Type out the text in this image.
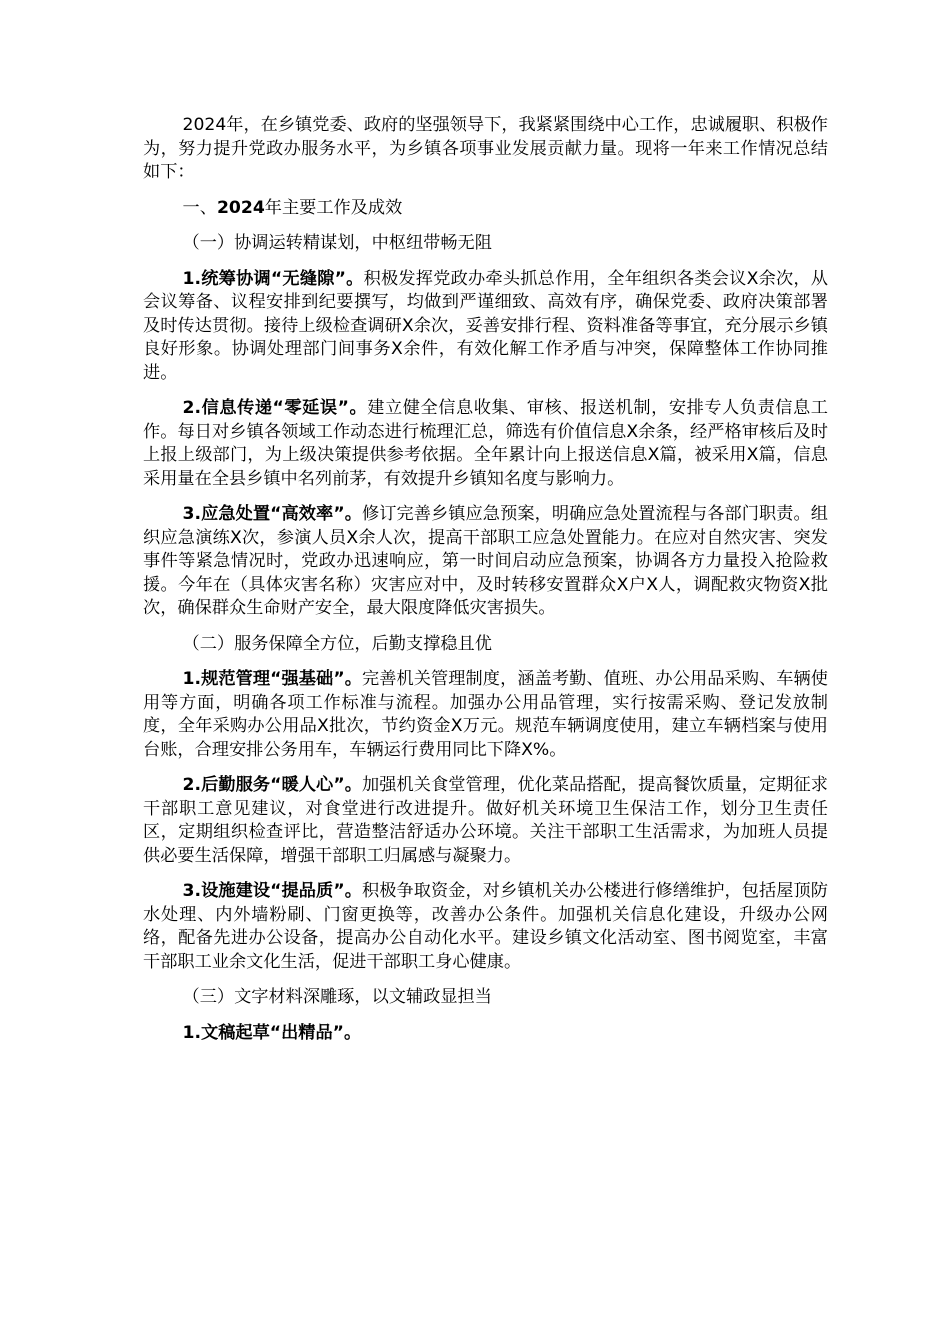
2024年，在乡镇党委、政府的坚强领导下，我紧紧围绕中心工作，忠诚履职、积极作为，努力提升党政办服务水平，为乡镇各项事业发展贡献力量。现将一年来工作情况总结如下：

一、2024年主要工作及成效

（一）协调运转精谋划，中枢纽带畅无阻

1.统筹协调“无缝隙”。积极发挥党政办牵头抓总作用，全年组织各类会议X余次，从会议筹备、议程安排到纪要撰写，均做到严谨细致、高效有序，确保党委、政府决策部署及时传达贯彻。接待上级检查调研X余次，妥善安排行程、资料准备等事宜，充分展示乡镇良好形象。协调处理部门间事务X余件，有效化解工作矛盾与冲突，保障整体工作协同推进。

2.信息传递“零延误”。建立健全信息收集、审核、报送机制，安排专人负责信息工作。每日对乡镇各领域工作动态进行梳理汇总，筛选有价值信息X余条，经严格审核后及时上报上级部门，为上级决策提供参考依据。全年累计向上报送信息X篇，被采用X篇，信息采用量在全县乡镇中名列前茅，有效提升乡镇知名度与影响力。

3.应急处置“高效率”。修订完善乡镇应急预案，明确应急处置流程与各部门职责。组织应急演练X次，参演人员X余人次，提高干部职工应急处置能力。在应对自然灾害、突发事件等紧急情况时，党政办迅速响应，第一时间启动应急预案，协调各方力量投入抢险救援。今年在（具体灾害名称）灾害应对中，及时转移安置群众X户X人，调配救灾物资X批次，确保群众生命财产安全，最大限度降低灾害损失。

（二）服务保障全方位，后勤支撑稳且优

1.规范管理“强基础”。完善机关管理制度，涵盖考勤、值班、办公用品采购、车辆使用等方面，明确各项工作标准与流程。加强办公用品管理，实行按需采购、登记发放制度，全年采购办公用品X批次，节约资金X万元。规范车辆调度使用，建立车辆档案与使用台账，合理安排公务用车，车辆运行费用同比下降X%。

2.后勤服务“暖人心”。加强机关食堂管理，优化菜品搭配，提高餐饮质量，定期征求干部职工意见建议，对食堂进行改进提升。做好机关环境卫生保洁工作，划分卫生责任区，定期组织检查评比，营造整洁舒适办公环境。关注干部职工生活需求，为加班人员提供必要生活保障，增强干部职工归属感与凝聚力。

3.设施建设“提品质”。积极争取资金，对乡镇机关办公楼进行修缮维护，包括屋顶防水处理、内外墙粉刷、门窗更换等，改善办公条件。加强机关信息化建设，升级办公网络，配备先进办公设备，提高办公自动化水平。建设乡镇文化活动室、图书阅览室，丰富干部职工业余文化生活，促进干部职工身心健康。

（三）文字材料深雕琢，以文辅政显担当

1.文稿起草“出精品”。
